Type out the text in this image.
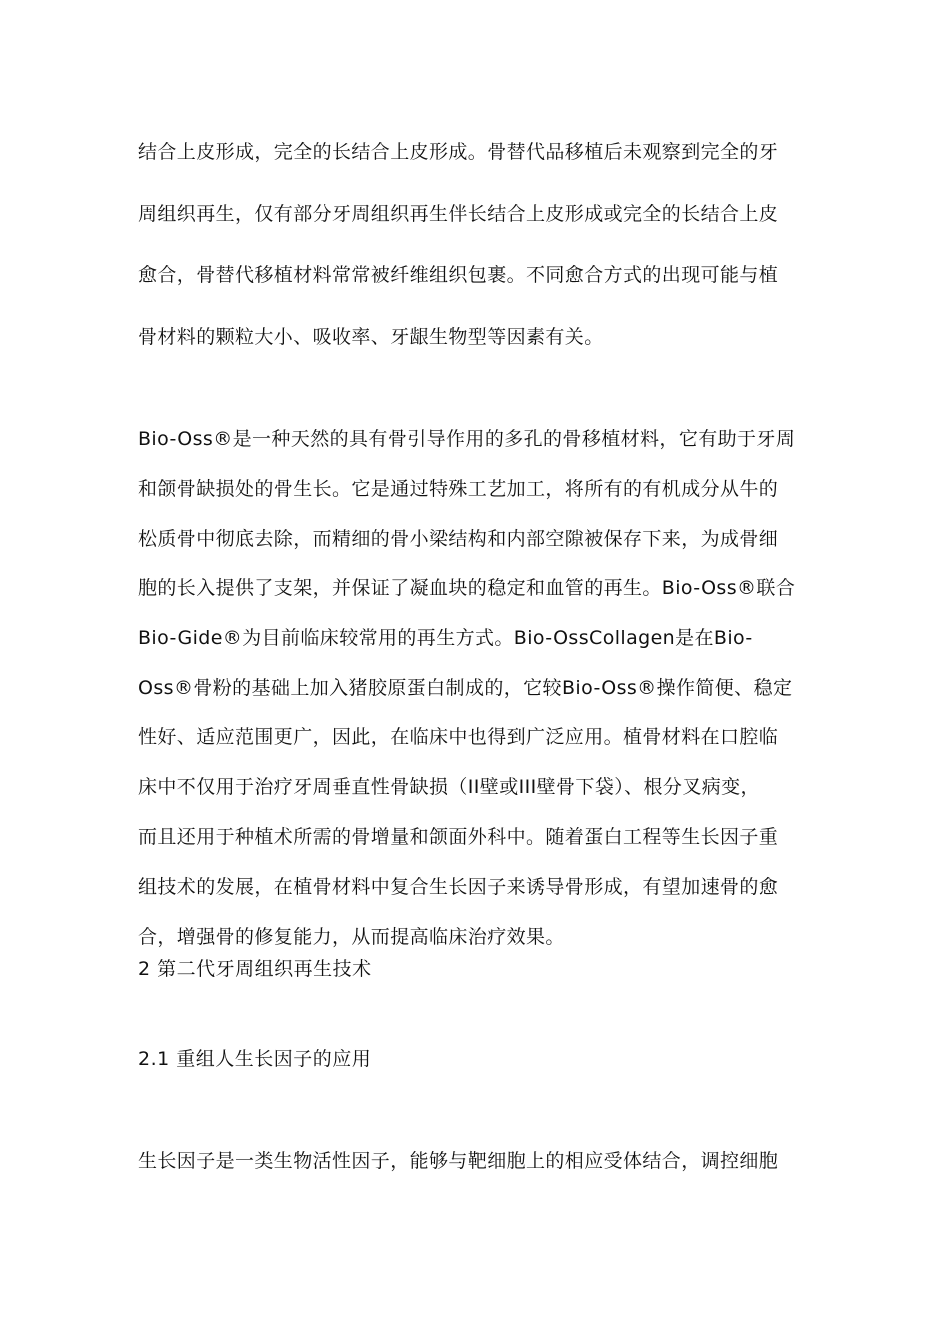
结合上皮形成，完全的长结合上皮形成。骨替代品移植后未观察到完全的牙
周组织再生，仅有部分牙周组织再生伴长结合上皮形成或完全的长结合上皮
愈合，骨替代移植材料常常被纤维组织包裹。不同愈合方式的出现可能与植
骨材料的颗粒大小、吸收率、牙龈生物型等因素有关。
Bio-Oss®是一种天然的具有骨引导作用的多孔的骨移植材料，它有助于牙周
和颌骨缺损处的骨生长。它是通过特殊工艺加工，将所有的有机成分从牛的
松质骨中彻底去除，而精细的骨小梁结构和内部空隙被保存下来，为成骨细
胞的长入提供了支架，并保证了凝血块的稳定和血管的再生。Bio-Oss®联合
Bio-Gide®为目前临床较常用的再生方式。Bio-OssCollagen是在Bio-
Oss®骨粉的基础上加入猪胶原蛋白制成的，它较Bio-Oss®操作简便、稳定
性好、适应范围更广，因此，在临床中也得到广泛应用。植骨材料在口腔临
床中不仅用于治疗牙周垂直性骨缺损（II壁或III壁骨下袋）、根分叉病变，
而且还用于种植术所需的骨增量和颌面外科中。随着蛋白工程等生长因子重
组技术的发展，在植骨材料中复合生长因子来诱导骨形成，有望加速骨的愈
合，增强骨的修复能力，从而提高临床治疗效果。
2 第二代牙周组织再生技术
2.1 重组人生长因子的应用
生长因子是一类生物活性因子，能够与靶细胞上的相应受体结合，调控细胞
